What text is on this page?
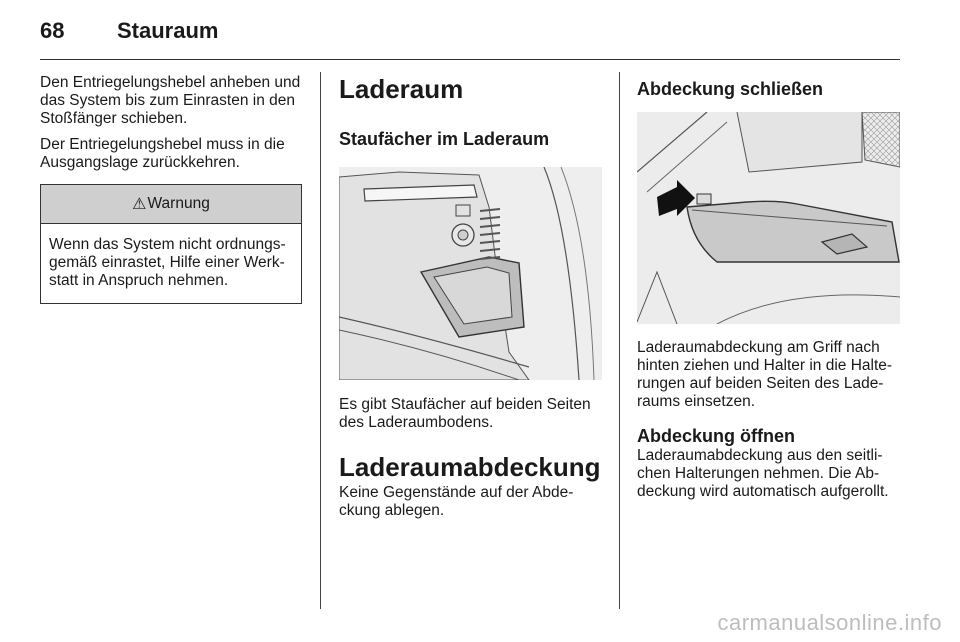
68 Stauraum

Den Entriegelungshebel anheben und das System bis zum Einrasten in den Stoßfänger schieben.

Der Entriegelungshebel muss in die Ausgangslage zurückkehren.

⚠ Warnung
Wenn das System nicht ordnungs-gemäß einrastet, Hilfe einer Werk-statt in Anspruch nehmen.
Laderaum
Staufächer im Laderaum

Es gibt Staufächer auf beiden Seiten des Laderaumbodens.

Laderaumabdeckung

Keine Gegenstände auf der Abde-ckung ablegen.

Abdeckung schließen

Laderaumabdeckung am Griff nach hinten ziehen und Halter in die Halte-rungen auf beiden Seiten des Lade-raums einsetzen.

Abdeckung öffnen

Laderaumabdeckung aus den seitli-chen Halterungen nehmen. Die Ab-deckung wird automatisch aufgerollt.

carmanualsonline.info
